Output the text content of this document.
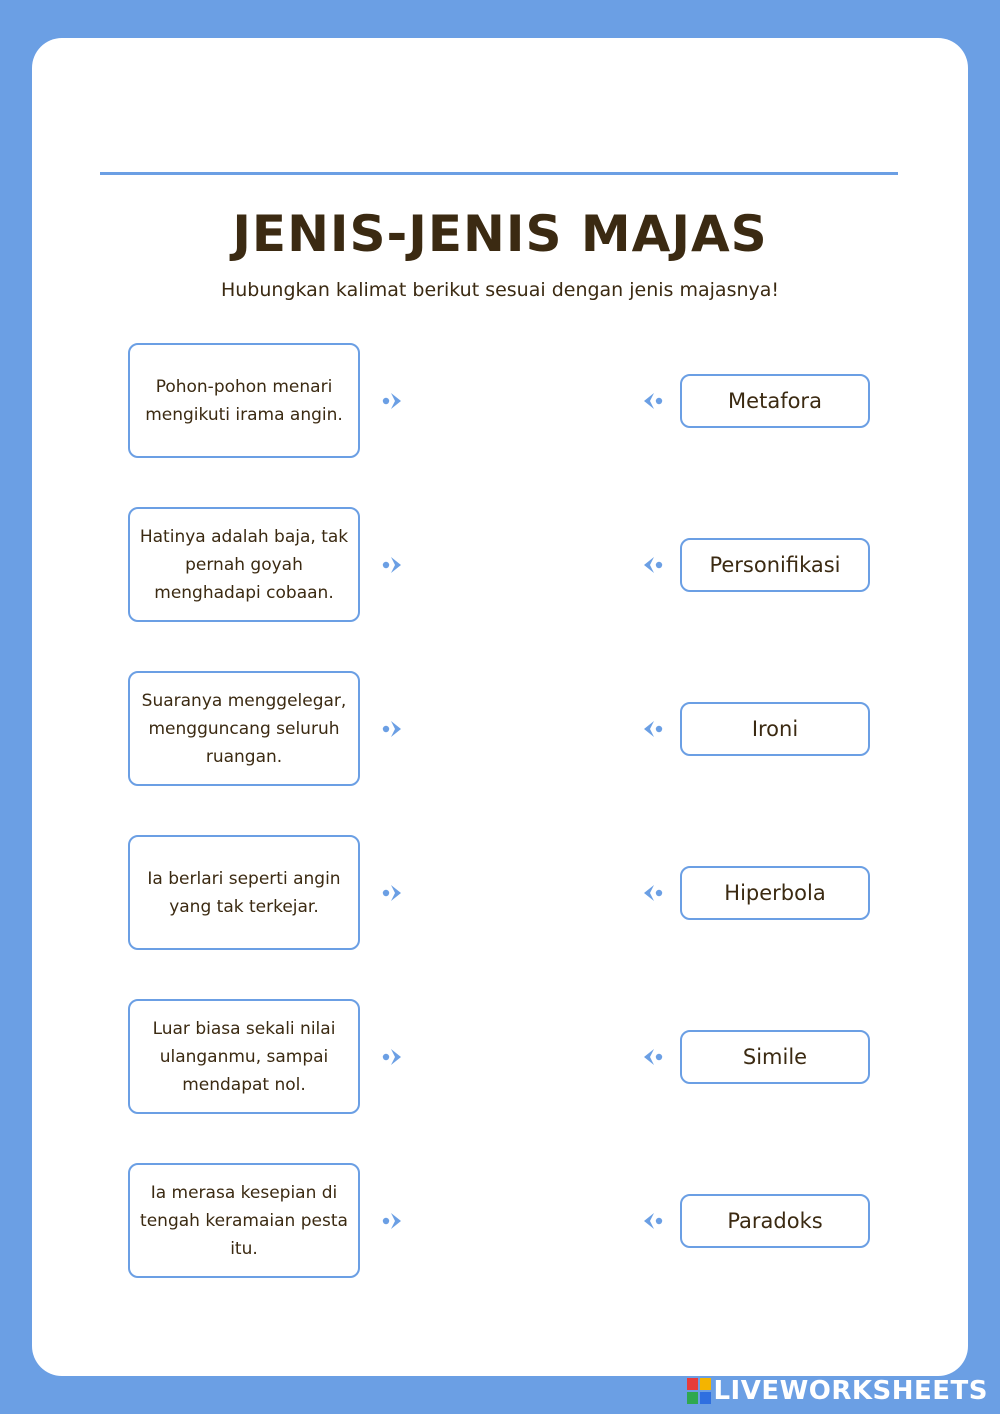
JENIS-JENIS MAJAS
Hubungkan kalimat berikut sesuai dengan jenis majasnya!
Pohon-pohon menari mengikuti irama angin.
Metafora
Hatinya adalah baja, tak pernah goyah menghadapi cobaan.
Personifikasi
Suaranya menggelegar, mengguncang seluruh ruangan.
Ironi
Ia berlari seperti angin yang tak terkejar.
Hiperbola
Luar biasa sekali nilai ulanganmu, sampai mendapat nol.
Simile
Ia merasa kesepian di tengah keramaian pesta itu.
Paradoks
LIVEWORKSHEETS
